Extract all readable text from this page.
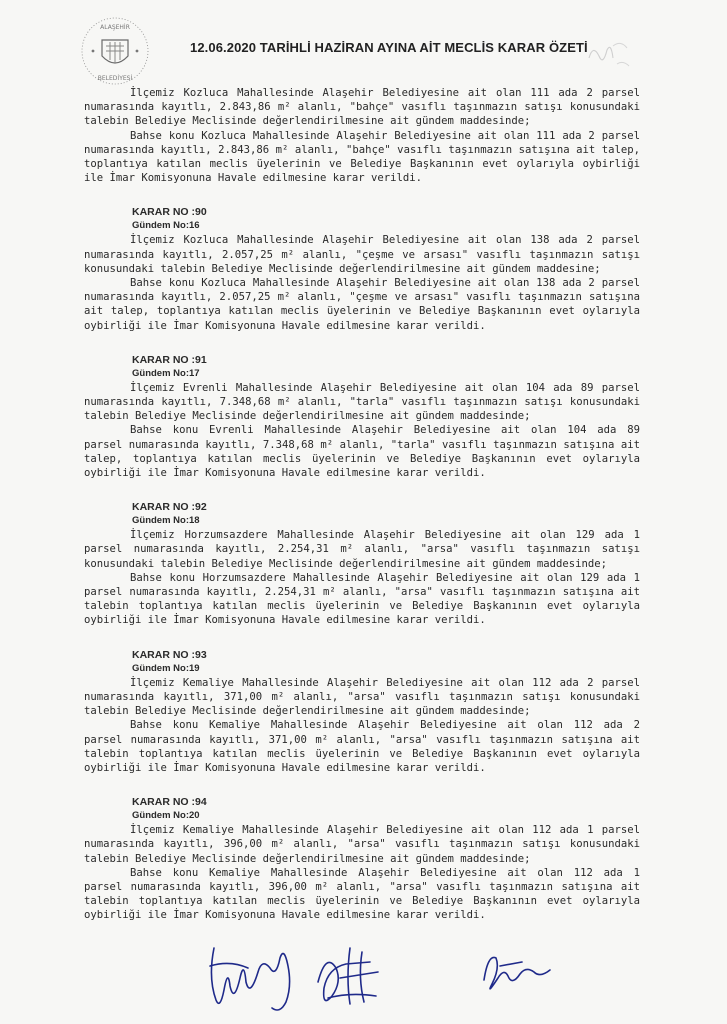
ALAŞEHİR
BELEDİYESİ
12.06.2020 TARİHLİ HAZİRAN AYINA AİT MECLİS KARAR ÖZETİ

İlçemiz Kozluca Mahallesinde Alaşehir Belediyesine ait olan 111 ada 2 parsel numarasında kayıtlı, 2.843,86 m² alanlı, "bahçe" vasıflı taşınmazın satışı konusundaki talebin Belediye Meclisinde değerlendirilmesine ait gündem maddesinde;

Bahse konu Kozluca Mahallesinde Alaşehir Belediyesine ait olan 111 ada 2 parsel numarasında kayıtlı, 2.843,86 m² alanlı, "bahçe" vasıflı taşınmazın satışına ait talep, toplantıya katılan meclis üyelerinin ve Belediye Başkanının evet oylarıyla oybirliği ile İmar Komisyonuna Havale edilmesine karar verildi.

KARAR NO :90
Gündem No:16

İlçemiz Kozluca Mahallesinde Alaşehir Belediyesine ait olan 138 ada 2 parsel numarasında kayıtlı, 2.057,25 m² alanlı, "çeşme ve arsası" vasıflı taşınmazın satışı konusundaki talebin Belediye Meclisinde değerlendirilmesine ait gündem maddesine;

Bahse konu Kozluca Mahallesinde Alaşehir Belediyesine ait olan 138 ada 2 parsel numarasında kayıtlı, 2.057,25 m² alanlı, "çeşme ve arsası" vasıflı taşınmazın satışına ait talep, toplantıya katılan meclis üyelerinin ve Belediye Başkanının evet oylarıyla oybirliği ile İmar Komisyonuna Havale edilmesine karar verildi.

KARAR NO :91
Gündem No:17

İlçemiz Evrenli Mahallesinde Alaşehir Belediyesine ait olan 104 ada 89 parsel numarasında kayıtlı, 7.348,68 m² alanlı, "tarla" vasıflı taşınmazın satışı konusundaki talebin Belediye Meclisinde değerlendirilmesine ait gündem maddesinde;

Bahse konu Evrenli Mahallesinde Alaşehir Belediyesine ait olan 104 ada 89 parsel numarasında kayıtlı, 7.348,68 m² alanlı, "tarla" vasıflı taşınmazın satışına ait talep, toplantıya katılan meclis üyelerinin ve Belediye Başkanının evet oylarıyla oybirliği ile İmar Komisyonuna Havale edilmesine karar verildi.

KARAR NO :92
Gündem No:18

İlçemiz Horzumsazdere Mahallesinde Alaşehir Belediyesine ait olan 129 ada 1 parsel numarasında kayıtlı, 2.254,31 m² alanlı, "arsa" vasıflı taşınmazın satışı konusundaki talebin Belediye Meclisinde değerlendirilmesine ait gündem maddesinde;

Bahse konu Horzumsazdere Mahallesinde Alaşehir Belediyesine ait olan 129 ada 1 parsel numarasında kayıtlı, 2.254,31 m² alanlı, "arsa" vasıflı taşınmazın satışına ait talebin toplantıya katılan meclis üyelerinin ve Belediye Başkanının evet oylarıyla oybirliği ile İmar Komisyonuna Havale edilmesine karar verildi.

KARAR NO :93
Gündem No:19

İlçemiz Kemaliye Mahallesinde Alaşehir Belediyesine ait olan 112 ada 2 parsel numarasında kayıtlı, 371,00 m² alanlı, "arsa" vasıflı taşınmazın satışı konusundaki talebin Belediye Meclisinde değerlendirilmesine ait gündem maddesinde;

Bahse konu Kemaliye Mahallesinde Alaşehir Belediyesine ait olan 112 ada 2 parsel numarasında kayıtlı, 371,00 m² alanlı, "arsa" vasıflı taşınmazın satışına ait talebin toplantıya katılan meclis üyelerinin ve Belediye Başkanının evet oylarıyla oybirliği ile İmar Komisyonuna Havale edilmesine karar verildi.

KARAR NO :94
Gündem No:20

İlçemiz Kemaliye Mahallesinde Alaşehir Belediyesine ait olan 112 ada 1 parsel numarasında kayıtlı, 396,00 m² alanlı, "arsa" vasıflı taşınmazın satışı konusundaki talebin Belediye Meclisinde değerlendirilmesine ait gündem maddesinde;

Bahse konu Kemaliye Mahallesinde Alaşehir Belediyesine ait olan 112 ada 1 parsel numarasında kayıtlı, 396,00 m² alanlı, "arsa" vasıflı taşınmazın satışına ait talebin toplantıya katılan meclis üyelerinin ve Belediye Başkanının evet oylarıyla oybirliği ile İmar Komisyonuna Havale edilmesine karar verildi.
